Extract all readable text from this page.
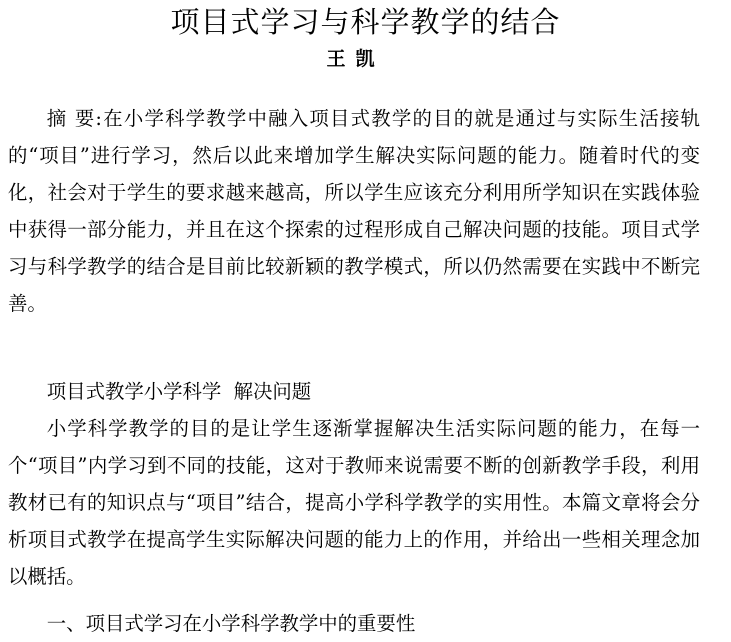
项目式学习与科学教学的结合
王凯

摘 要:在小学科学教学中融入项目式教学的目的就是通过与实际生活接轨的“项目”进行学习，然后以此来增加学生解决实际问题的能力。随着时代的变化，社会对于学生的要求越来越高，所以学生应该充分利用所学知识在实践体验中获得一部分能力，并且在这个探索的过程形成自己解决问题的技能。项目式学习与科学教学的结合是目前比较新颖的教学模式，所以仍然需要在实践中不断完善。

项目式教学小学科学  解决问题

小学科学教学的目的是让学生逐渐掌握解决生活实际问题的能力，在每一个“项目”内学习到不同的技能，这对于教师来说需要不断的创新教学手段，利用教材已有的知识点与“项目”结合，提高小学科学教学的实用性。本篇文章将会分析项目式教学在提高学生实际解决问题的能力上的作用，并给出一些相关理念加以概括。

一、项目式学习在小学科学教学中的重要性
